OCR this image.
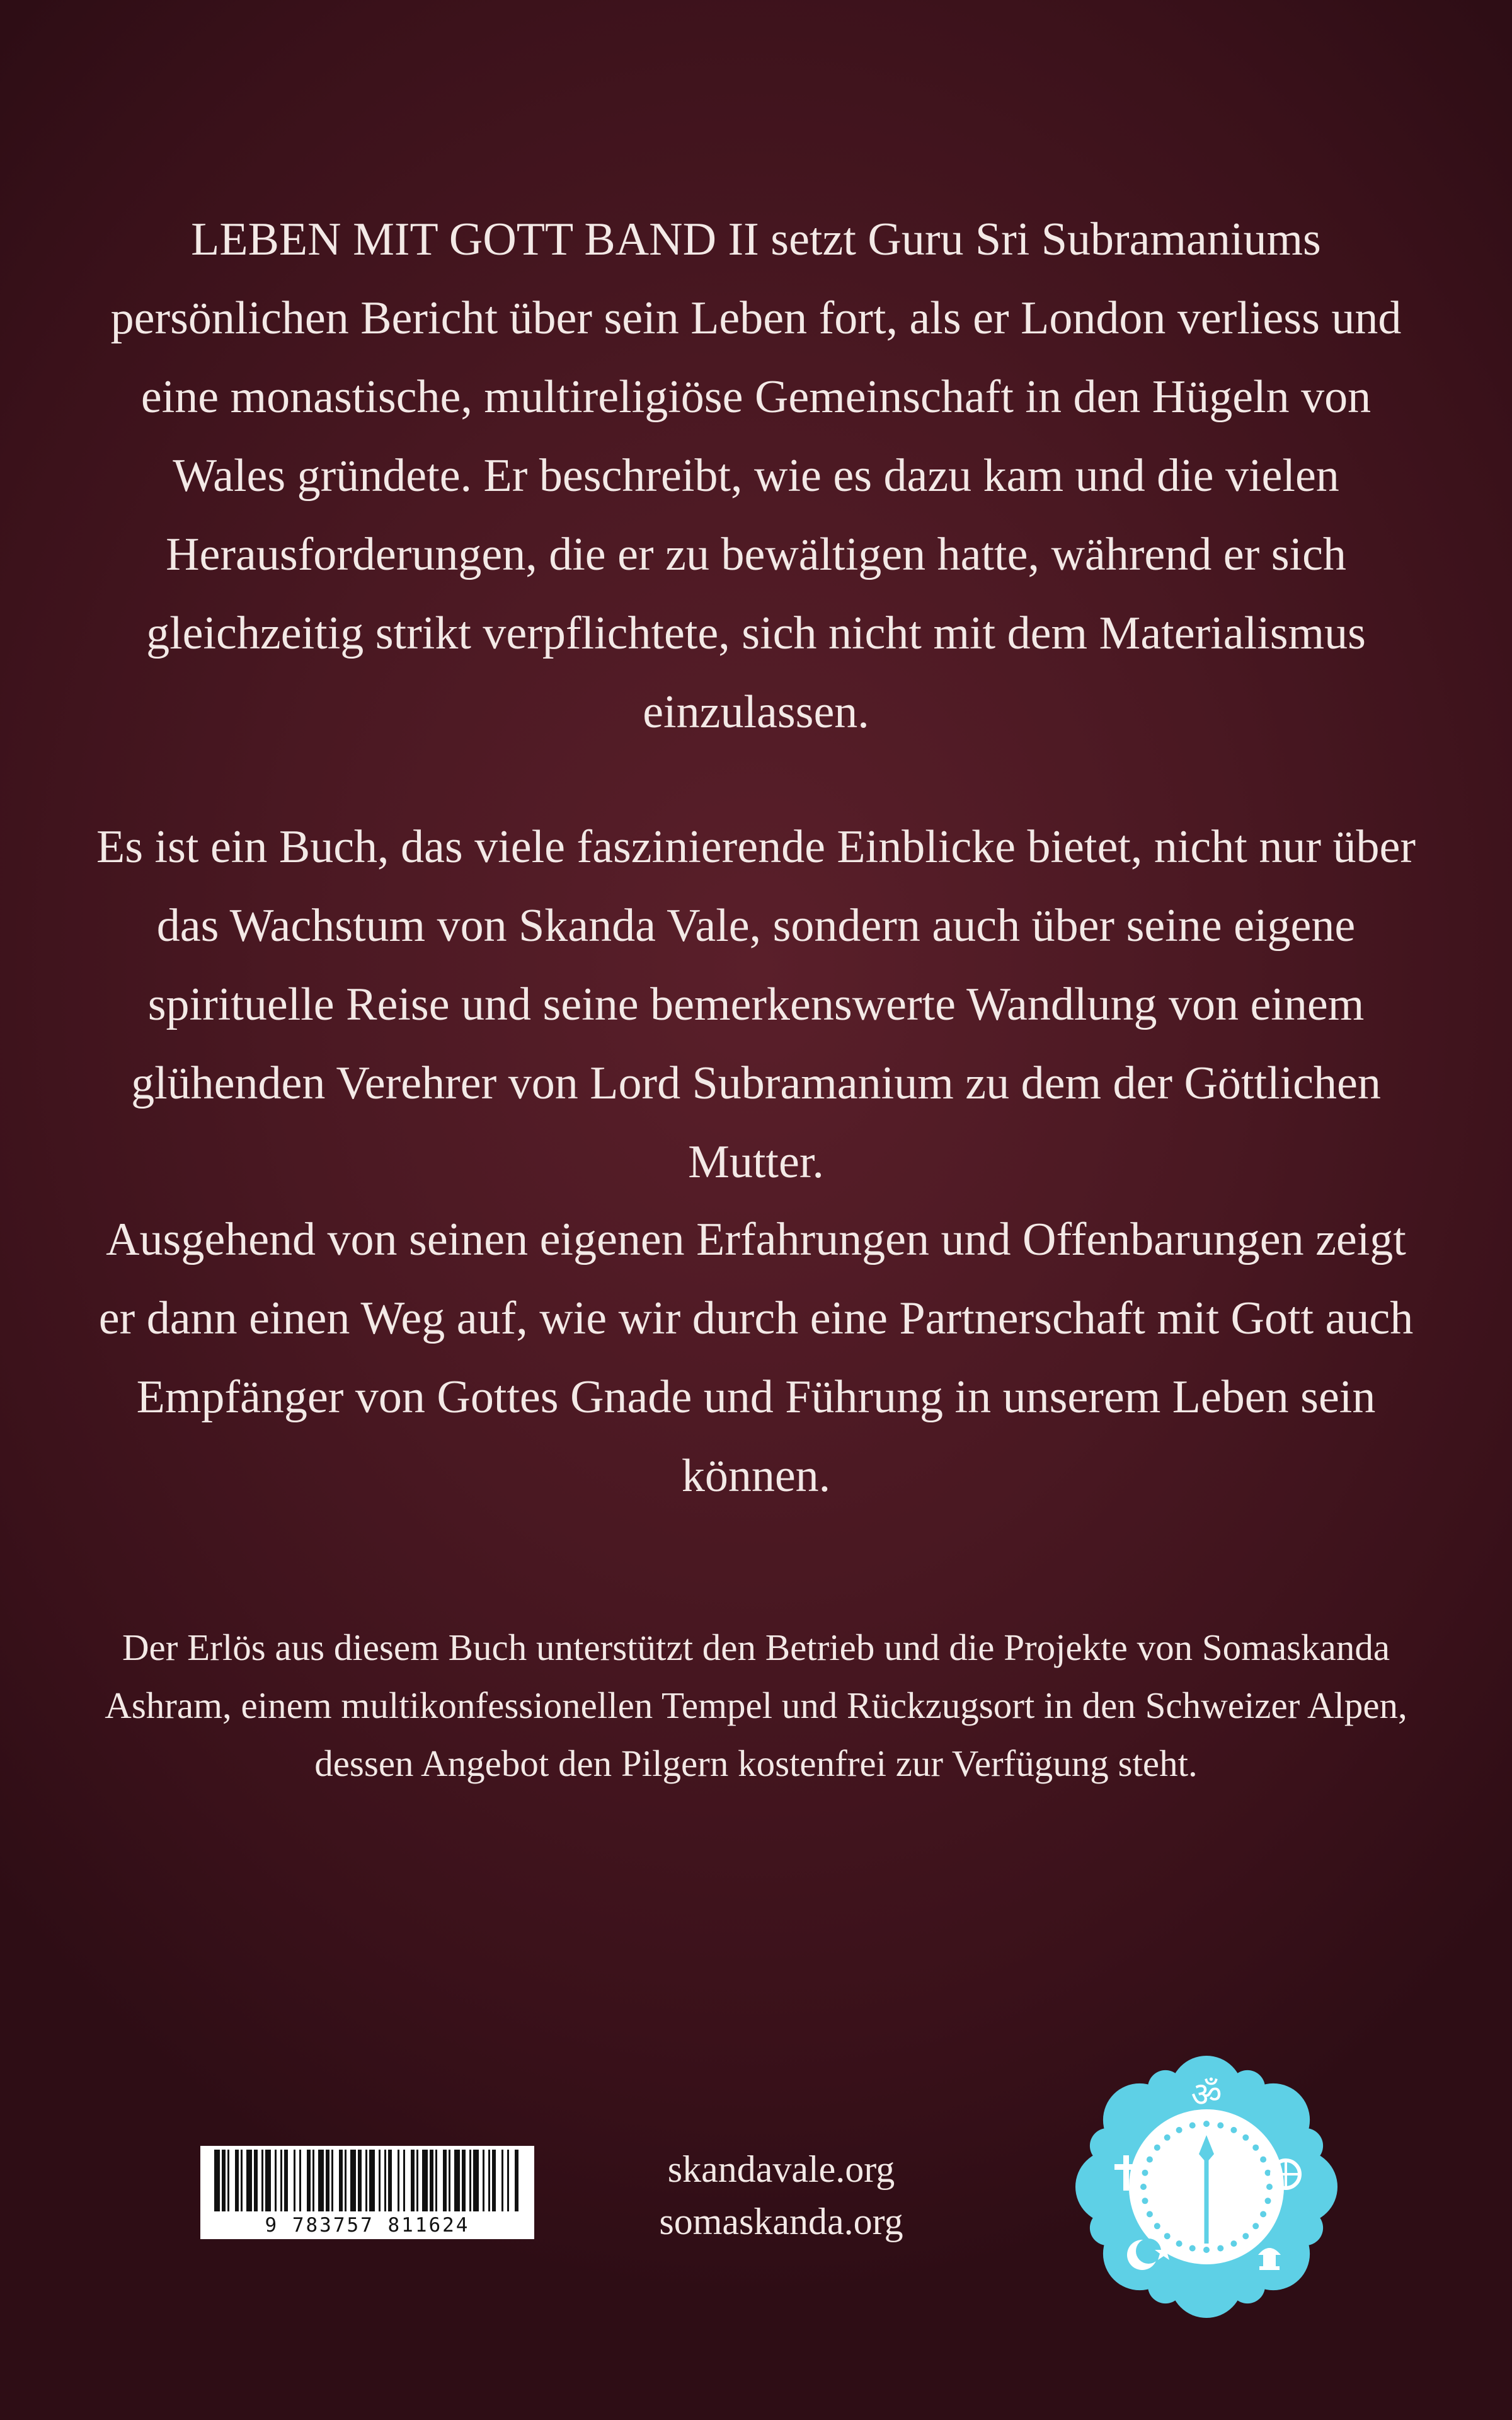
LEBEN MIT GOTT BAND II setzt Guru Sri Subramaniums persönlichen Bericht über sein Leben fort, als er London verliess und eine monastische, multireligiöse Gemeinschaft in den Hügeln von Wales gründete. Er beschreibt, wie es dazu kam und die vielen Herausforderungen, die er zu bewältigen hatte, während er sich gleichzeitig strikt verpflichtete, sich nicht mit dem Materialismus einzulassen.

Es ist ein Buch, das viele faszinierende Einblicke bietet, nicht nur über das Wachstum von Skanda Vale, sondern auch über seine eigene spirituelle Reise und seine bemerkenswerte Wandlung von einem glühenden Verehrer von Lord Subramanium zu dem der Göttlichen Mutter.

Ausgehend von seinen eigenen Erfahrungen und Offenbarungen zeigt er dann einen Weg auf, wie wir durch eine Partnerschaft mit Gott auch Empfänger von Gottes Gnade und Führung in unserem Leben sein können.

Der Erlös aus diesem Buch unterstützt den Betrieb und die Projekte von Somaskanda Ashram, einem multikonfessionellen Tempel und Rückzugsort in den Schweizer Alpen, dessen Angebot den Pilgern kostenfrei zur Verfügung steht.

9 783757 811624
skandavale.org
somaskanda.org
ॐ
